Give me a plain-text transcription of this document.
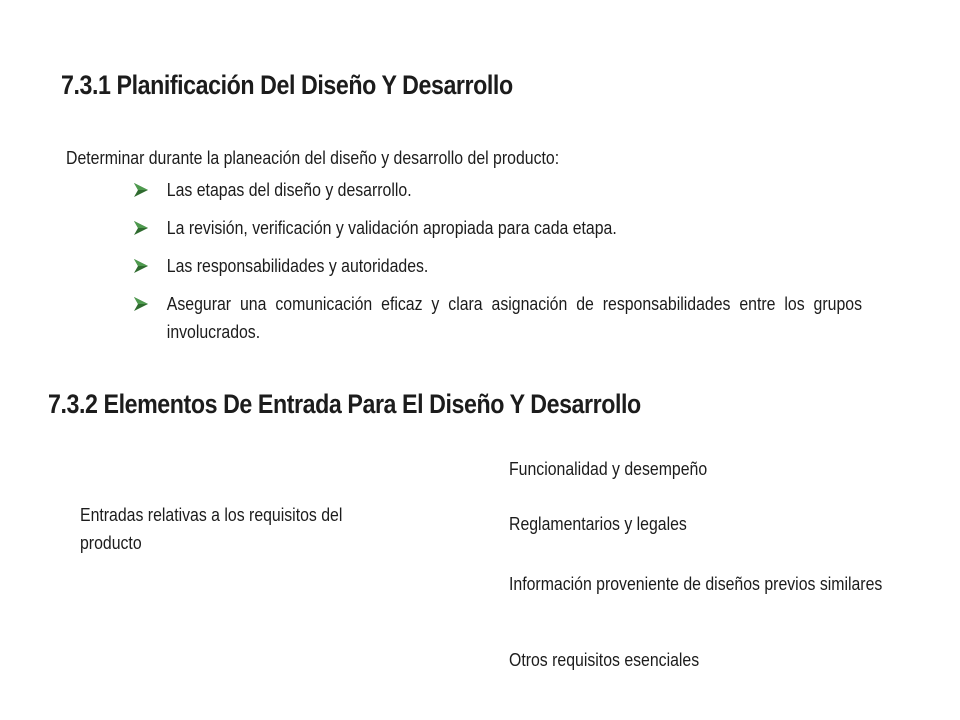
7.3.1 Planificación Del Diseño Y Desarrollo
Determinar durante la planeación del diseño y desarrollo del producto:
Las etapas del diseño y desarrollo.
La revisión, verificación y validación apropiada para cada etapa.
Las responsabilidades y autoridades.
Asegurar una comunicación eficaz y clara asignación de responsabilidades entre los grupos involucrados.
7.3.2 Elementos De Entrada Para El Diseño Y Desarrollo
Entradas relativas a los requisitos del producto
Funcionalidad y desempeño
Reglamentarios y legales
Información proveniente de diseños previos similares
Otros requisitos esenciales
